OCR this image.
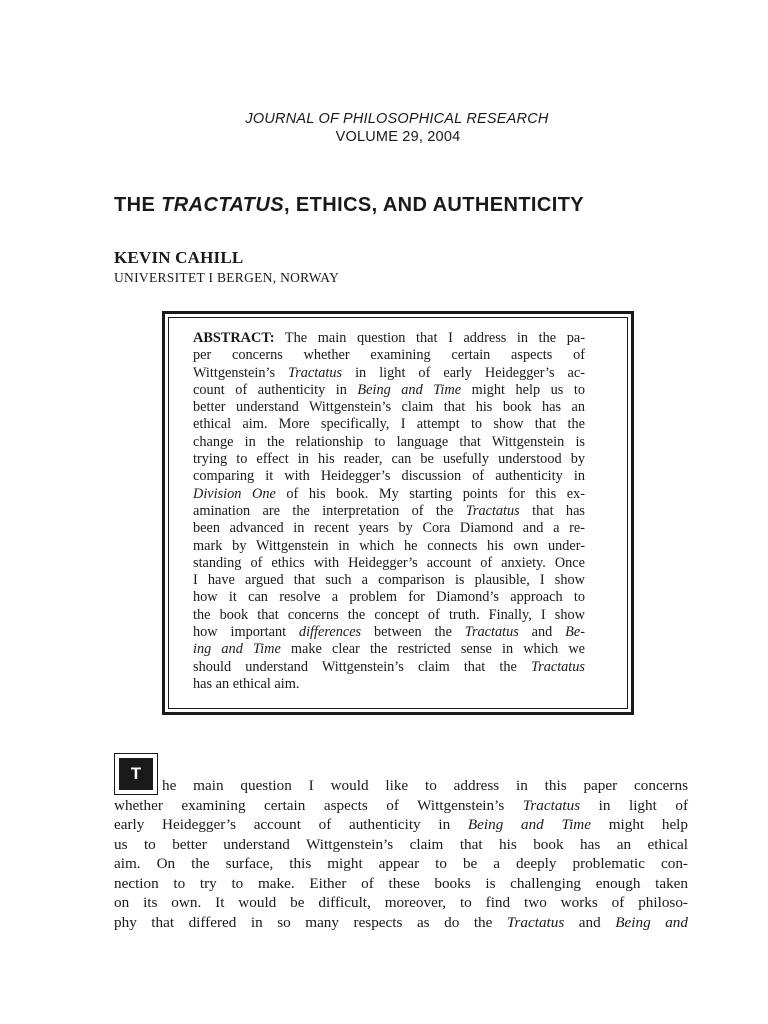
JOURNAL OF PHILOSOPHICAL RESEARCH
VOLUME 29, 2004
THE TRACTATUS, ETHICS, AND AUTHENTICITY
KEVIN CAHILL
UNIVERSITET I BERGEN, NORWAY
ABSTRACT: The main question that I address in the pa-
per concerns whether examining certain aspects of
Wittgenstein’s Tractatus in light of early Heidegger’s ac-
count of authenticity in Being and Time might help us to
better understand Wittgenstein’s claim that his book has an
ethical aim. More specifically, I attempt to show that the
change in the relationship to language that Wittgenstein is
trying to effect in his reader, can be usefully understood by
comparing it with Heidegger’s discussion of authenticity in
Division One of his book. My starting points for this ex-
amination are the interpretation of the Tractatus that has
been advanced in recent years by Cora Diamond and a re-
mark by Wittgenstein in which he connects his own under-
standing of ethics with Heidegger’s account of anxiety. Once
I have argued that such a comparison is plausible, I show
how it can resolve a problem for Diamond’s approach to
the book that concerns the concept of truth. Finally, I show
how important differences between the Tractatus and Be-
ing and Time make clear the restricted sense in which we
should understand Wittgenstein’s claim that the Tractatus
has an ethical aim.
T
he main question I would like to address in this paper concerns
whether examining certain aspects of Wittgenstein’s Tractatus in light of
early Heidegger’s account of authenticity in Being and Time might help
us to better understand Wittgenstein’s claim that his book has an ethical
aim. On the surface, this might appear to be a deeply problematic con-
nection to try to make. Either of these books is challenging enough taken
on its own. It would be difficult, moreover, to find two works of philoso-
phy that differed in so many respects as do the Tractatus and Being and
